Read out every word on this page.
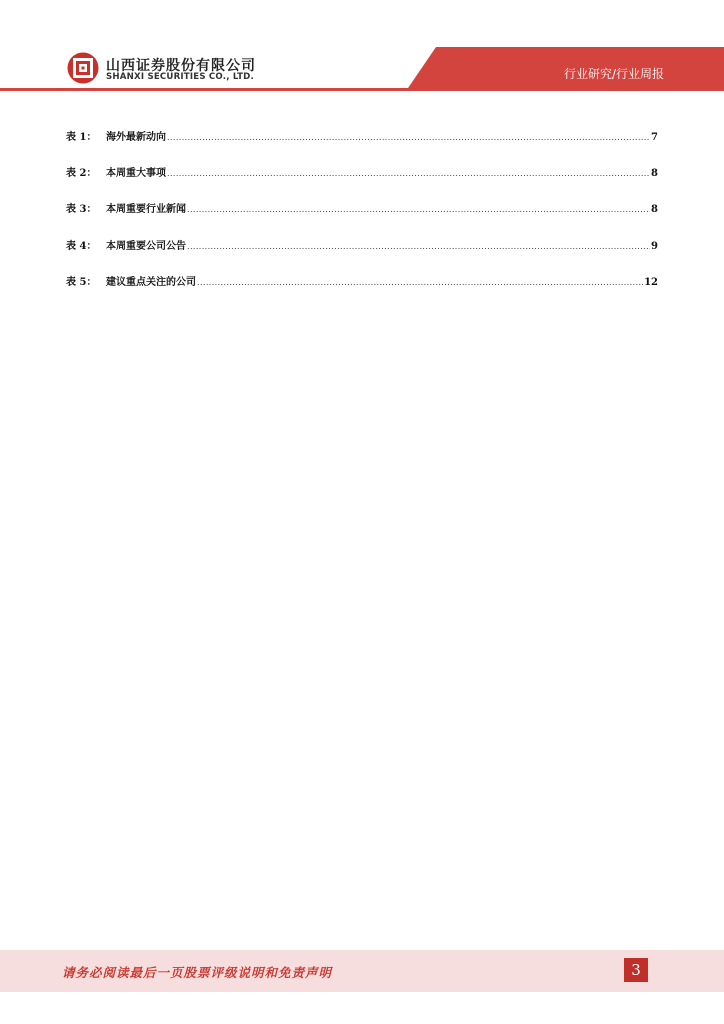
山西证券股份有限公司
SHANXI SECURITIES CO., LTD.	行业研究/行业周报
表 1： 海外最新动向 .....	7
表 2： 本周重大事项 .....	8
表 3： 本周重要行业新闻 .....	8
表 4： 本周重要公司公告 .....	9
表 5： 建议重点关注的公司 .....	12
请务必阅读最后一页股票评级说明和免责声明	3
